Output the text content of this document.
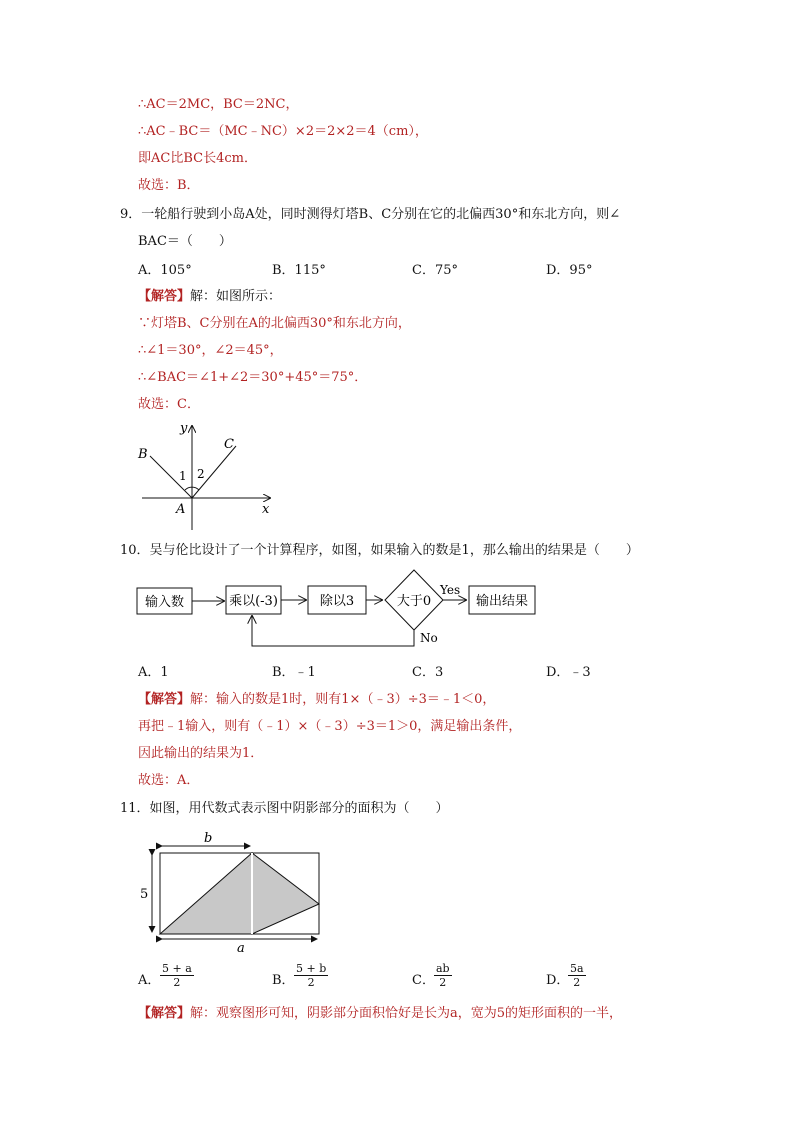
∴AC＝2MC，BC＝2NC，
∴AC﹣BC＝（MC﹣NC）×2＝2×2＝4（cm），
即AC比BC长4cm．
故选：B．
9．一轮船行驶到小岛A处，同时测得灯塔B、C分别在它的北偏西30°和东北方向，则∠
BAC＝（　　）
A．105°	B．115°	C．75°	D．95°
【解答】解：如图所示：
∵灯塔B、C分别在A的北偏西30°和东北方向，
∴∠1＝30°，∠2＝45°，
∴∠BAC＝∠1+∠2＝30°+45°＝75°．
故选：C．
y
x
B
C
A
1 2
10．吴与伦比设计了一个计算程序，如图，如果输入的数是1，那么输出的结果是（　　）
输入数	乘以(-3)	除以3	大于0
Yes
输出结果
No
A．1	B．﹣1	C．3	D．﹣3
【解答】解：输入的数是1时，则有1×（﹣3）÷3＝﹣1＜0，
再把﹣1输入，则有（﹣1）×（﹣3）÷3＝1＞0，满足输出条件，
因此输出的结果为1．
故选：A．
11．如图，用代数式表示图中阴影部分的面积为（　　）
b
5
a
A． $\frac{5 + a}{2}$	B． $\frac{5 + b}{2}$	C． $\frac{ab}{2}$	D．
$\frac{5a}{2}$
【解答】解：观察图形可知，阴影部分面积恰好是长为a，宽为5的矩形面积的一半，
